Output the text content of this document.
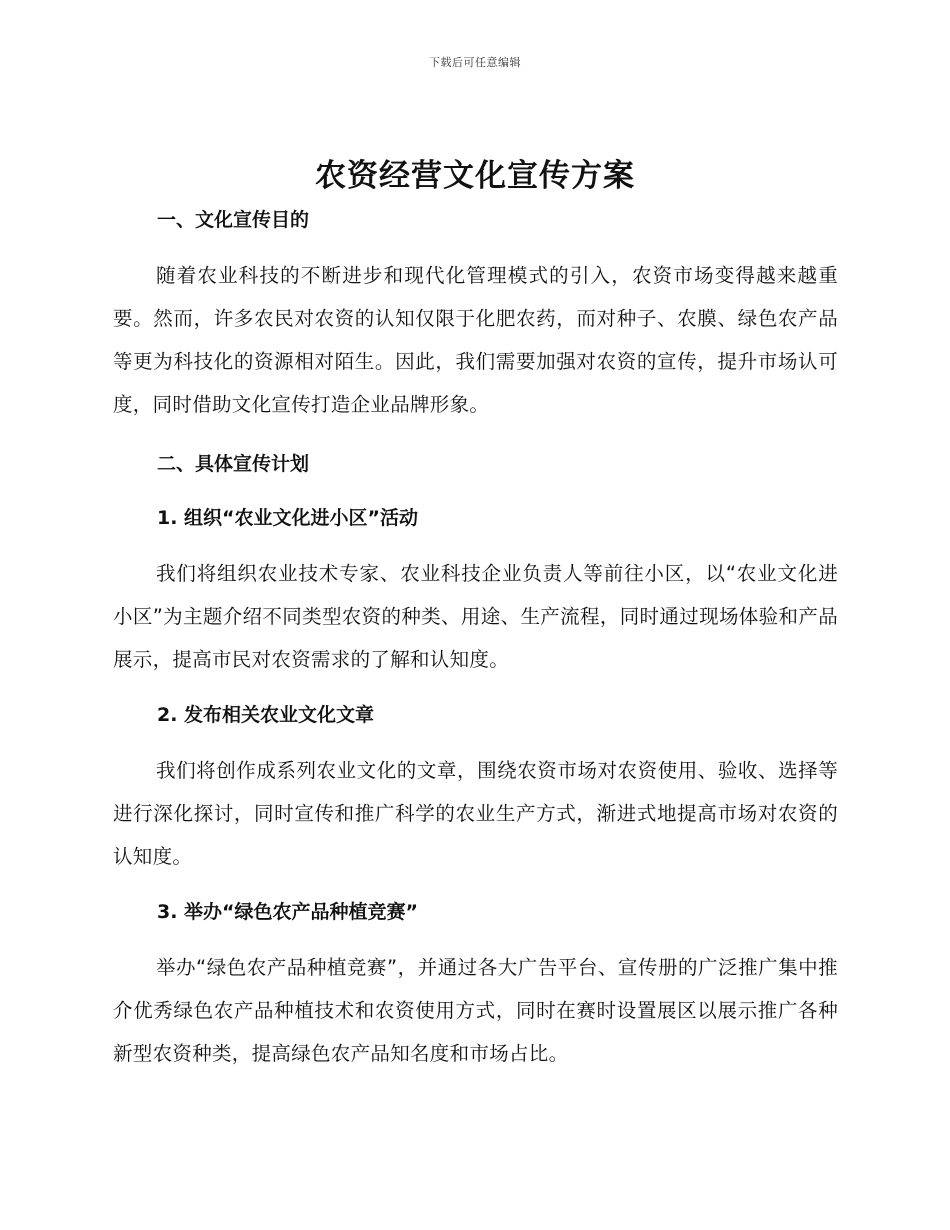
下载后可任意编辑
农资经营文化宣传方案
一、文化宣传目的

随着农业科技的不断进步和现代化管理模式的引入，农资市场变得越来越重要。然而，许多农民对农资的认知仅限于化肥农药，而对种子、农膜、绿色农产品等更为科技化的资源相对陌生。因此，我们需要加强对农资的宣传，提升市场认可度，同时借助文化宣传打造企业品牌形象。

二、具体宣传计划
1. 组织“农业文化进小区”活动

我们将组织农业技术专家、农业科技企业负责人等前往小区，以“农业文化进小区”为主题介绍不同类型农资的种类、用途、生产流程，同时通过现场体验和产品展示，提高市民对农资需求的了解和认知度。

2. 发布相关农业文化文章

我们将创作成系列农业文化的文章，围绕农资市场对农资使用、验收、选择等进行深化探讨，同时宣传和推广科学的农业生产方式，渐进式地提高市场对农资的认知度。

3. 举办“绿色农产品种植竞赛”

举办“绿色农产品种植竞赛”，并通过各大广告平台、宣传册的广泛推广集中推介优秀绿色农产品种植技术和农资使用方式，同时在赛时设置展区以展示推广各种新型农资种类，提高绿色农产品知名度和市场占比。
